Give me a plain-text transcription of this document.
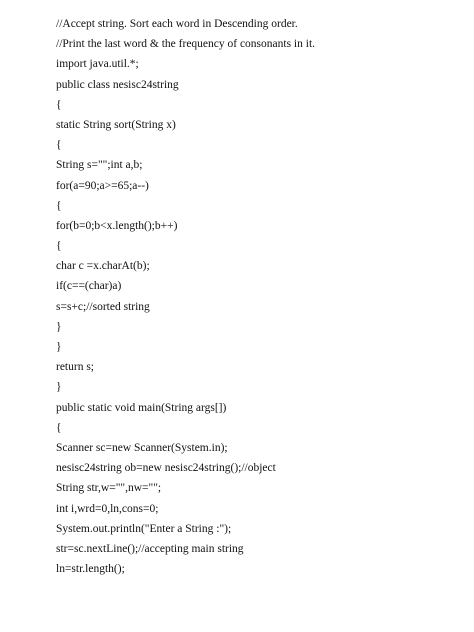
//Accept string. Sort each word in Descending order.
//Print the last word & the frequency of consonants in it.
import java.util.*;
public class nesisc24string
{
static String sort(String x)
{
String s="";int a,b;
for(a=90;a>=65;a--)
{
for(b=0;b<x.length();b++)
{
char c =x.charAt(b);
if(c==(char)a)
s=s+c;//sorted string
}
}
return s;
}
public static void main(String args[])
{
Scanner sc=new Scanner(System.in);
nesisc24string ob=new nesisc24string();//object
String str,w="",nw="";
int i,wrd=0,ln,cons=0;
System.out.println("Enter a String :");
str=sc.nextLine();//accepting main string
ln=str.length();
